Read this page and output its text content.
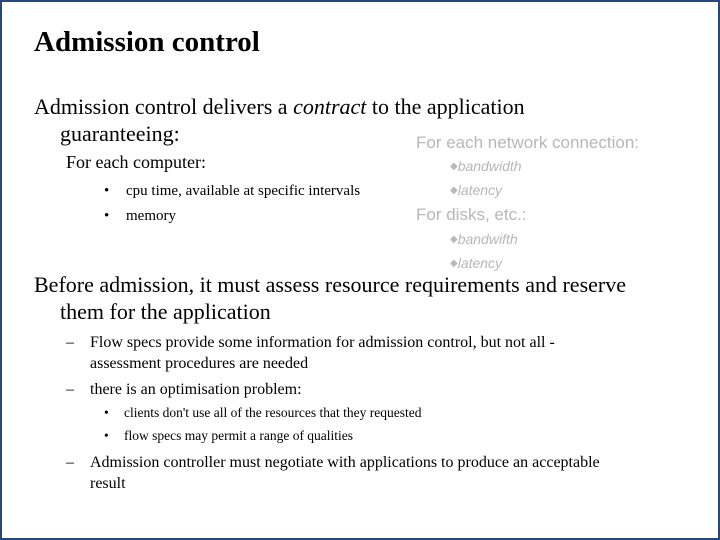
Admission control
Admission control delivers a contract to the application
guaranteeing:
For each computer:
• cpu time, available at specific intervals
• memory
For each network connection:
◆bandwidth
◆latency
For disks, etc.:
◆bandwifth
◆latency
Before admission, it must assess resource requirements and reserve
them for the application
–	Flow specs provide some information for admission control, but not all -
assessment procedures are needed
–	there is an optimisation problem:
• clients don't use all of the resources that they requested
• flow specs may permit a range of qualities
–	Admission controller must negotiate with applications to produce an acceptable
result
